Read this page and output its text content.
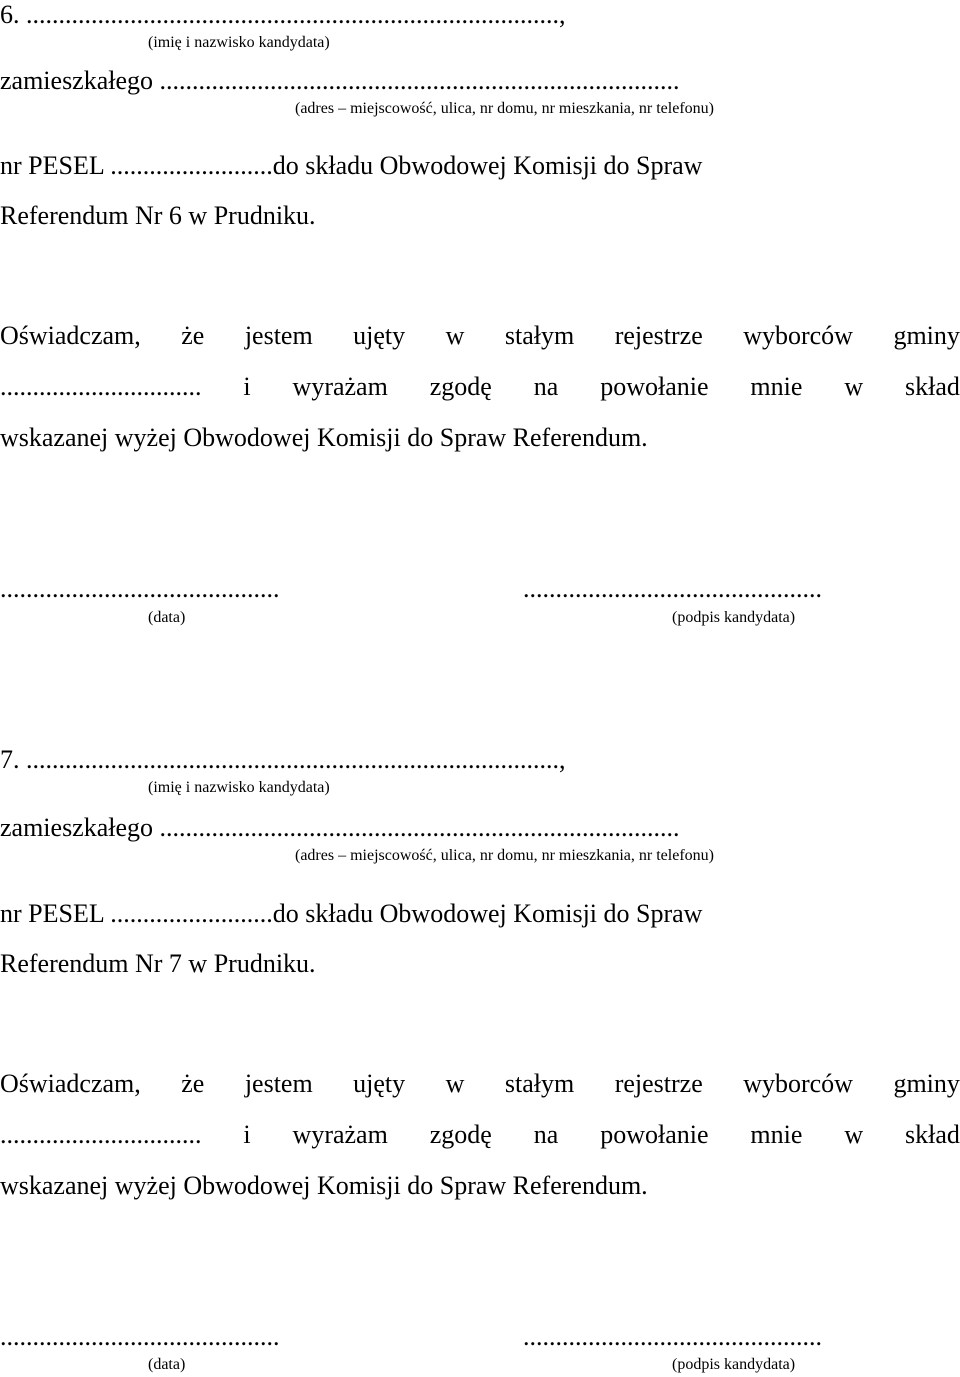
6. ..................................................................................,
(imię i nazwisko kandydata)
zamieszkałego ................................................................................
(adres – miejscowość, ulica, nr domu, nr mieszkania, nr telefonu)
nr PESEL .........................do składu Obwodowej Komisji do Spraw
Referendum Nr 6 w Prudniku.
Oświadczam, że jestem ujęty w stałym rejestrze wyborców gminy
............................... i wyrażam zgodę na powołanie mnie w skład
wskazanej wyżej Obwodowej Komisji do Spraw Referendum.
...........................................
(data)
..............................................
(podpis kandydata)
7. ..................................................................................,
(imię i nazwisko kandydata)
zamieszkałego ................................................................................
(adres – miejscowość, ulica, nr domu, nr mieszkania, nr telefonu)
nr PESEL .........................do składu Obwodowej Komisji do Spraw
Referendum Nr 7 w Prudniku.
Oświadczam, że jestem ujęty w stałym rejestrze wyborców gminy
............................... i wyrażam zgodę na powołanie mnie w skład
wskazanej wyżej Obwodowej Komisji do Spraw Referendum.
...........................................
(data)
..............................................
(podpis kandydata)
